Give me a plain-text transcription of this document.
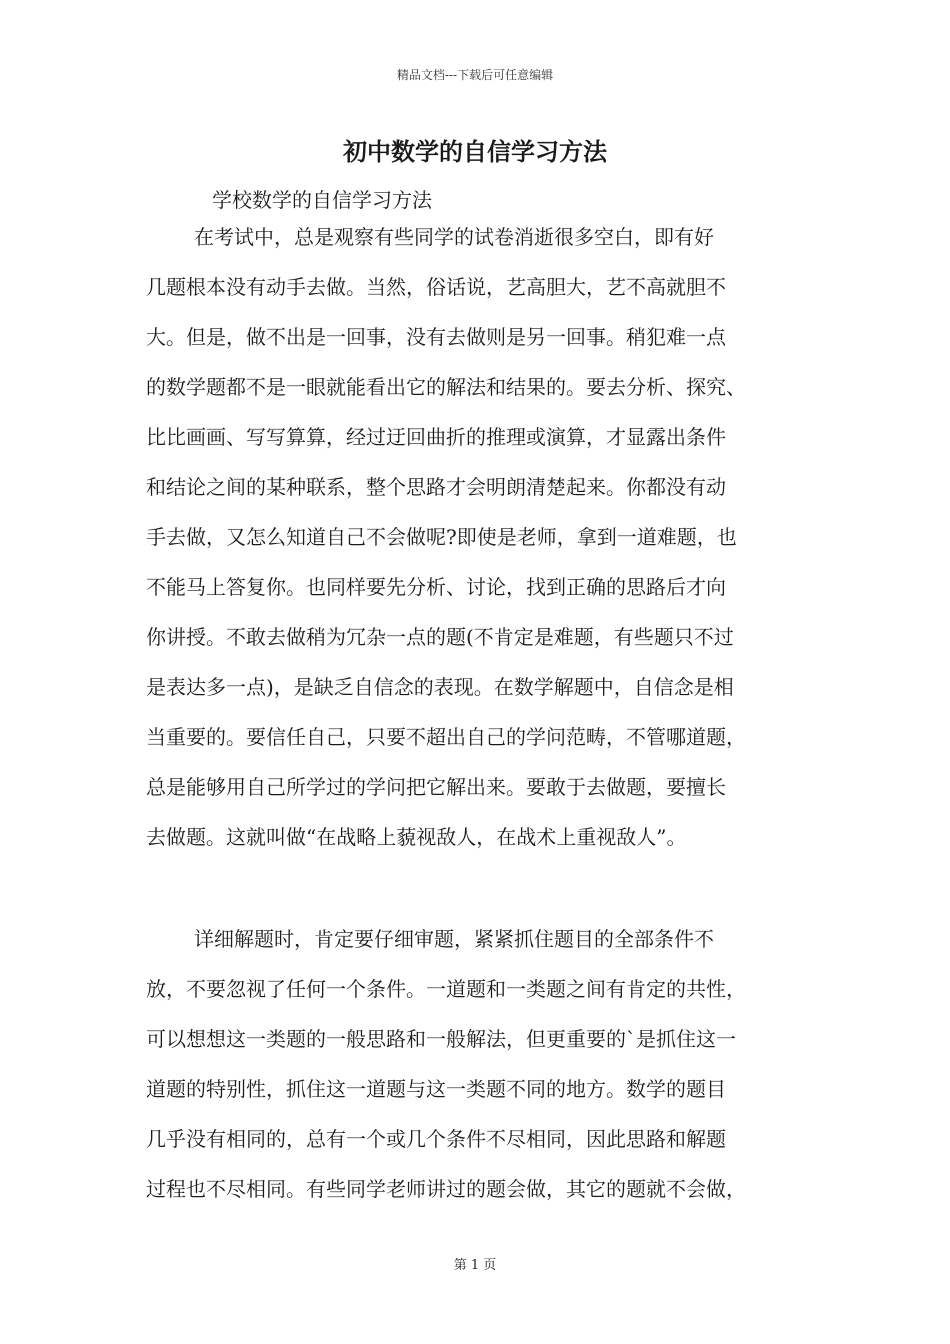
精品文档---下载后可任意编辑
初中数学的自信学习方法
学校数学的自信学习方法
在考试中，总是观察有些同学的试卷消逝很多空白，即有好
几题根本没有动手去做。当然，俗话说，艺高胆大，艺不高就胆不
大。但是，做不出是一回事，没有去做则是另一回事。稍犯难一点
的数学题都不是一眼就能看出它的解法和结果的。要去分析、探究、
比比画画、写写算算，经过迂回曲折的推理或演算，才显露出条件
和结论之间的某种联系，整个思路才会明朗清楚起来。你都没有动
手去做，又怎么知道自己不会做呢?即使是老师，拿到一道难题，也
不能马上答复你。也同样要先分析、讨论，找到正确的思路后才向
你讲授。不敢去做稍为冗杂一点的题(不肯定是难题，有些题只不过
是表达多一点)，是缺乏自信念的表现。在数学解题中，自信念是相
当重要的。要信任自己，只要不超出自己的学问范畴，不管哪道题，
总是能够用自己所学过的学问把它解出来。要敢于去做题，要擅长
去做题。这就叫做“在战略上藐视敌人，在战术上重视敌人”。
详细解题时，肯定要仔细审题，紧紧抓住题目的全部条件不
放，不要忽视了任何一个条件。一道题和一类题之间有肯定的共性，
可以想想这一类题的一般思路和一般解法，但更重要的`是抓住这一
道题的特别性，抓住这一道题与这一类题不同的地方。数学的题目
几乎没有相同的，总有一个或几个条件不尽相同，因此思路和解题
过程也不尽相同。有些同学老师讲过的题会做，其它的题就不会做，
第 1 页
